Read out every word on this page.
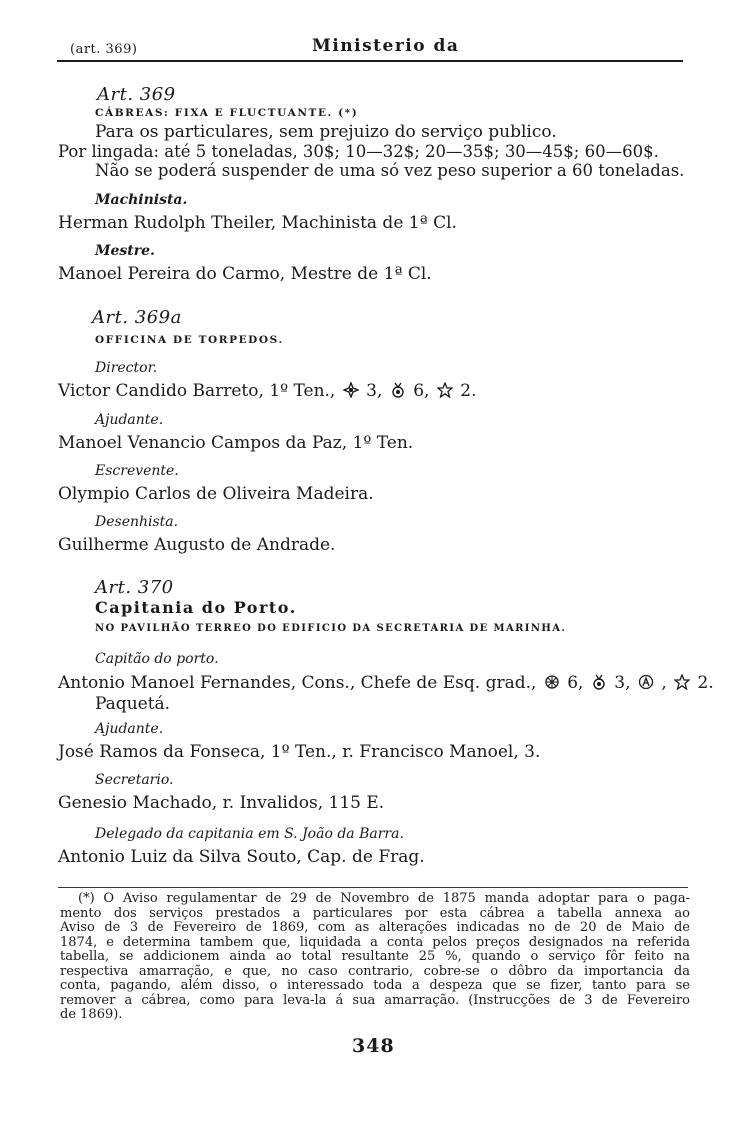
(art. 369)	Ministerio da
Art. 369
CÁBREAS: FIXA E FLUCTUANTE. (*)
Para os particulares, sem prejuizo do serviço publico.
Por lingada: até 5 toneladas, 30$; 10—32$; 20—35$; 30—45$; 60—60$.
Não se poderá suspender de uma só vez peso superior a 60 toneladas.
Machinista.
Herman Rudolph Theiler, Machinista de 1ª Cl.
Mestre.
Manoel Pereira do Carmo, Mestre de 1ª Cl.
Art. 369a
OFFICINA DE TORPEDOS.
Director.
Victor Candido Barreto, 1º Ten., 3, 6, 2.
Ajudante.
Manoel Venancio Campos da Paz, 1º Ten.
Escrevente.
Olympio Carlos de Oliveira Madeira.
Desenhista.
Guilherme Augusto de Andrade.
Art. 370
Capitania do Porto.
NO PAVILHÃO TERREO DO EDIFICIO DA SECRETARIA DE MARINHA.
Capitão do porto.
Antonio Manoel Fernandes, Cons., Chefe de Esq. grad., 6, 3, , 2.
Paquetá.
Ajudante.
José Ramos da Fonseca, 1º Ten., r. Francisco Manoel, 3.
Secretario.
Genesio Machado, r. Invalidos, 115 E.
Delegado da capitania em S. João da Barra.
Antonio Luiz da Silva Souto, Cap. de Frag.
(*) O Aviso regulamentar de 29 de Novembro de 1875 manda adoptar para o paga-
mento dos serviços prestados a particulares por esta cábrea a tabella annexa ao
Aviso de 3 de Fevereiro de 1869, com as alterações indicadas no de 20 de Maio de
1874, e determina tambem que, liquidada a conta pelos preços designados na referida
tabella, se addicionem ainda ao total resultante 25 %, quando o serviço fôr feito na
respectiva amarração, e que, no caso contrario, cobre-se o dôbro da importancia da
conta, pagando, além disso, o interessado toda a despeza que se fizer, tanto para se
remover a cábrea, como para leva-la á sua amarração. (Instrucções de 3 de Fevereiro
de 1869).
348
